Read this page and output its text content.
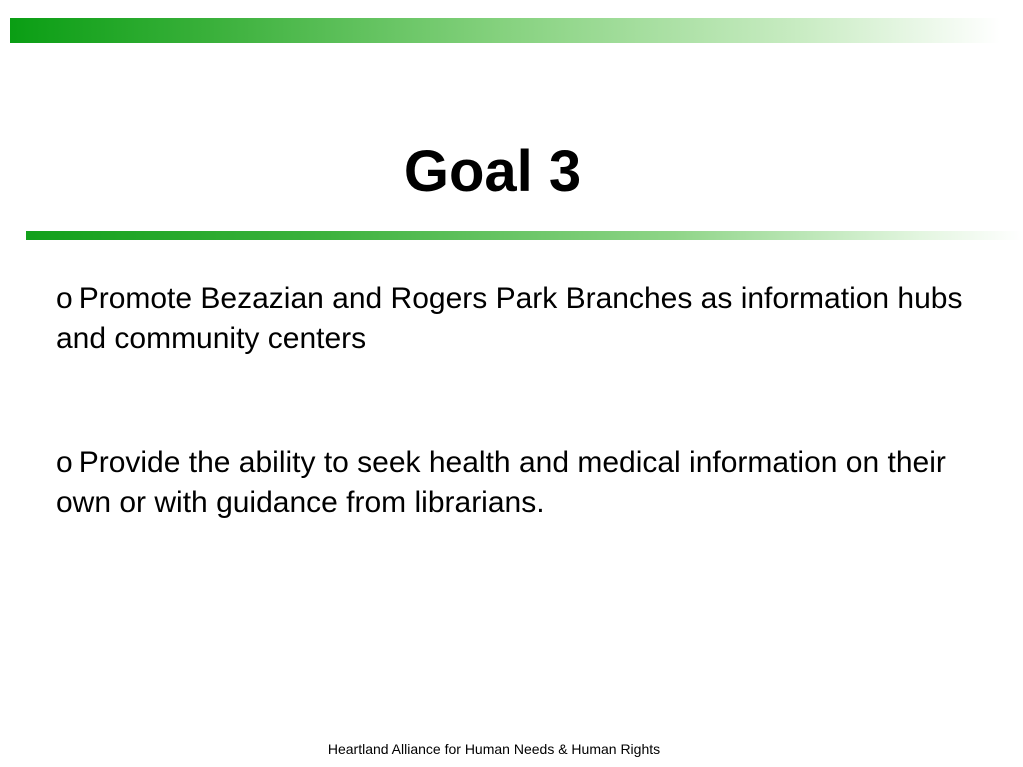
Goal 3
o Promote Bezazian and Rogers Park Branches as information hubs and community centers
o Provide the ability to seek health and medical information on their own or with guidance from librarians.
Heartland Alliance for Human Needs & Human Rights
